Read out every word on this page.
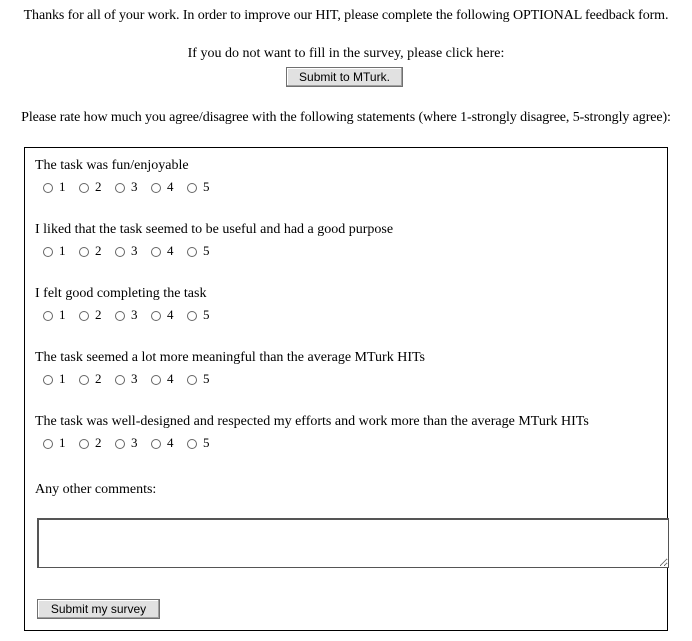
Thanks for all of your work. In order to improve our HIT, please complete the following OPTIONAL feedback form.
If you do not want to fill in the survey, please click here:
Submit to MTurk.
Please rate how much you agree/disagree with the following statements (where 1-strongly disagree, 5-strongly agree):
The task was fun/enjoyable
1 2 3 4 5
I liked that the task seemed to be useful and had a good purpose
1 2 3 4 5
I felt good completing the task
1 2 3 4 5
The task seemed a lot more meaningful than the average MTurk HITs
1 2 3 4 5
The task was well-designed and respected my efforts and work more than the average MTurk HITs
1 2 3 4 5
Any other comments:
Submit my survey
